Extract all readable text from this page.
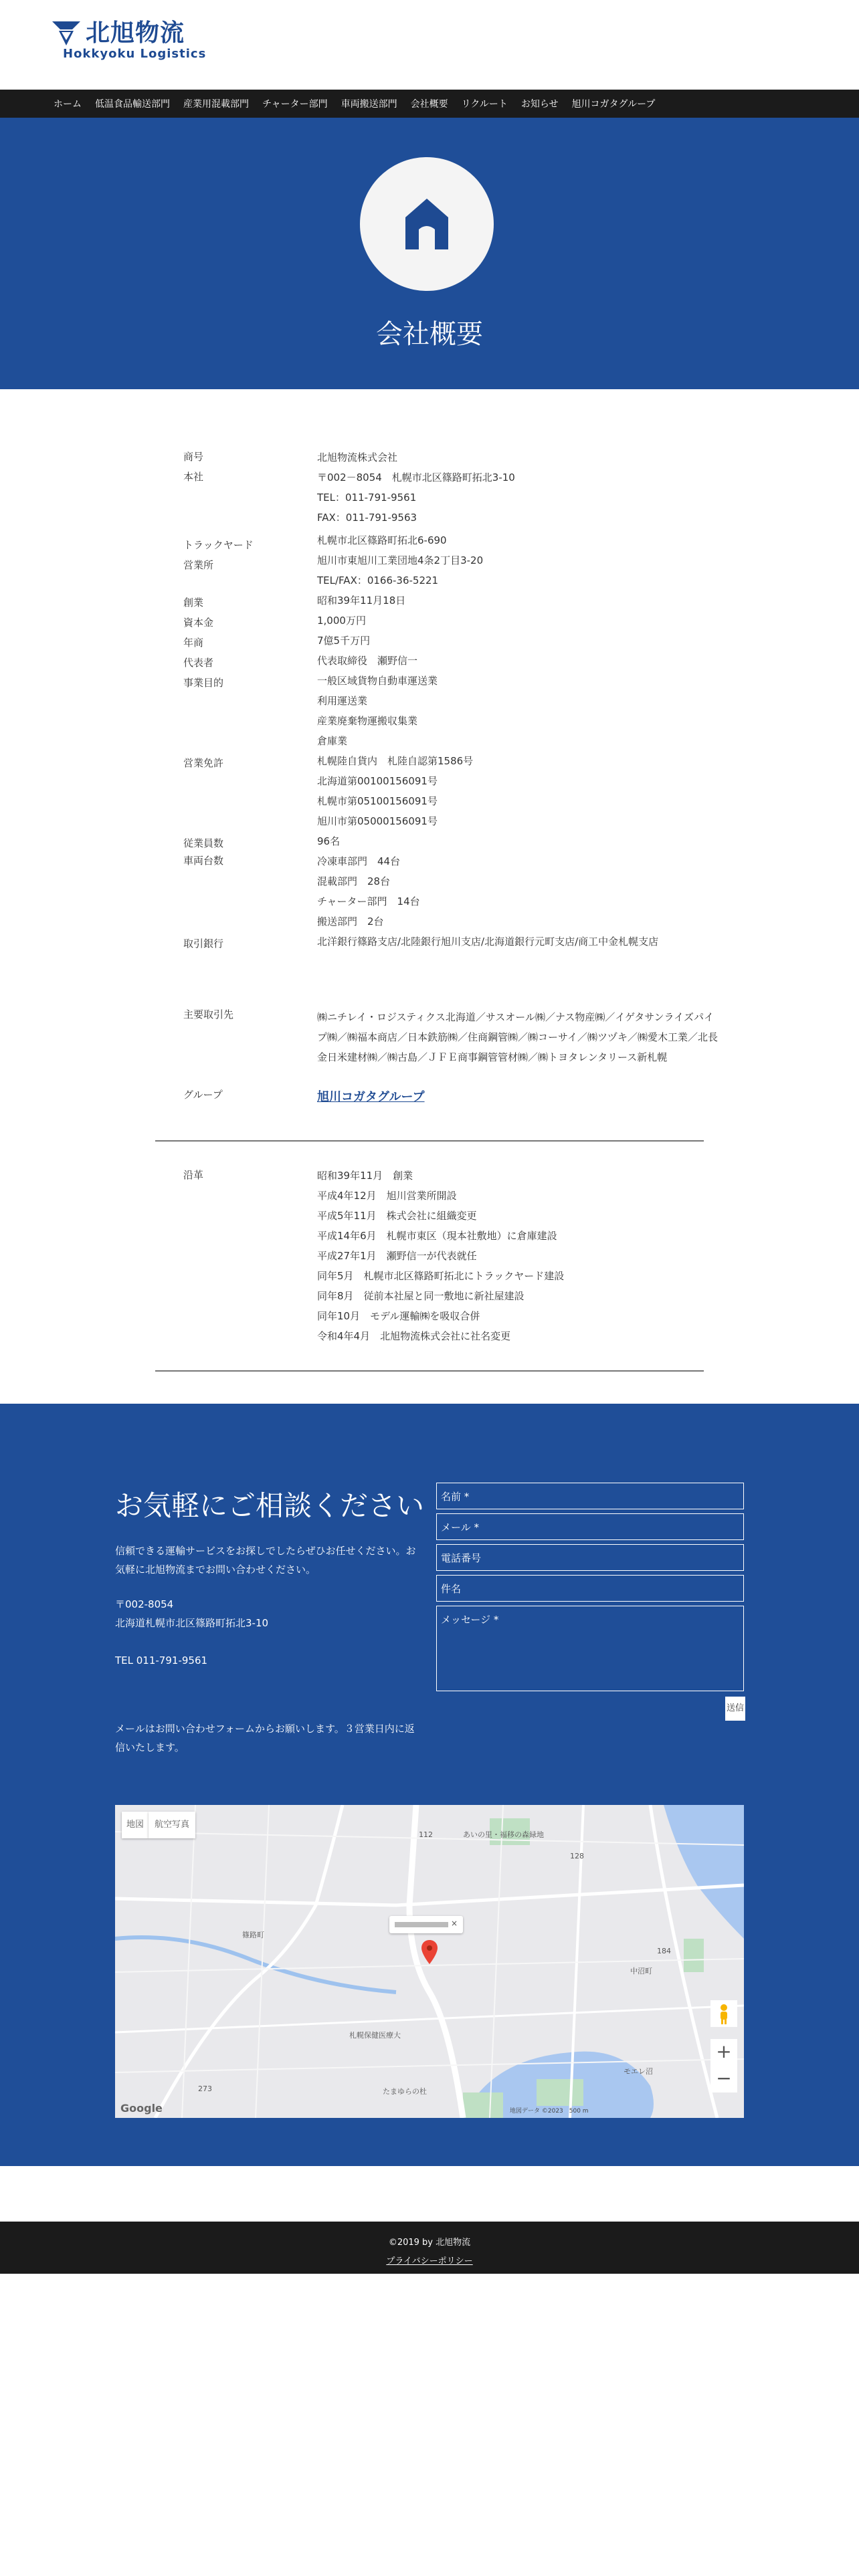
北旭物流
Hokkyoku Logistics
ホーム 低温食品輸送部門 産業用混載部門 チャーター部門 車両搬送部門 会社概要 リクルート お知らせ 旭川コガタグループ
会社概要
商号	北旭物流株式会社
本社	〒002－8054　札幌市北区篠路町拓北3-10
TEL：011-791-9561
FAX：011-791-9563
トラックヤード	札幌市北区篠路町拓北6-690
営業所	旭川市東旭川工業団地4条2丁目3-20
TEL/FAX：0166-36-5221
創業	昭和39年11月18日
資本金	1,000万円
年商	7億5千万円
代表者	代表取締役　瀬野信一
事業目的	一般区域貨物自動車運送業
利用運送業
産業廃棄物運搬収集業
倉庫業
営業免許	札幌陸自貨内　札陸自認第1586号
北海道第00100156091号
札幌市第05100156091号
旭川市第05000156091号
従業員数	96名
車両台数	冷凍車部門　44台
混載部門　28台
チャーター部門　14台
搬送部門　2台
取引銀行	北洋銀行篠路支店/北陸銀行旭川支店/北海道銀行元町支店/商工中金札幌支店
主要取引先	㈱ニチレイ・ロジスティクス北海道／サスオール㈱／ナス物産㈱／イゲタサンライズパイプ㈱／㈱福本商店／日本鉄筋㈱／住商鋼管㈱／㈱コーサイ／㈱ツヅキ／㈱愛木工業／北長金日米建材㈱／㈱古島／ＪＦＥ商事鋼管管材㈱／㈱トヨタレンタリース新札幌
グループ	旭川コガタグループ
沿革	昭和39年11月　創業
平成4年12月　旭川営業所開設
平成5年11月　株式会社に組織変更
平成14年6月　札幌市東区（現本社敷地）に倉庫建設
平成27年1月　瀬野信一が代表就任
同年5月　札幌市北区篠路町拓北にトラックヤード建設
同年8月　従前本社屋と同一敷地に新社屋建設
同年10月　モデル運輸㈱を吸収合併
令和4年4月　北旭物流株式会社に社名変更
お気軽にご相談ください
信頼できる運輸サービスをお探しでしたらぜひお任せください。お
気軽に北旭物流までお問い合わせください。
〒002-8054
北海道札幌市北区篠路町拓北3-10
TEL 011-791-9561
メールはお問い合わせフォームからお願いします。３営業日内に返
信いたします。
名前 *
メール *
電話番号
件名
メッセージ *
送信
地図	航空写真
あいの里・福移の森緑地
篠路町
札幌保健医療大
たまゆらの杜
中沼町
モエレ沼
112
128
184
273
×
+
−
Google	地図データ ©2023　500 m
©2019 by 北旭物流
プライバシーポリシー
